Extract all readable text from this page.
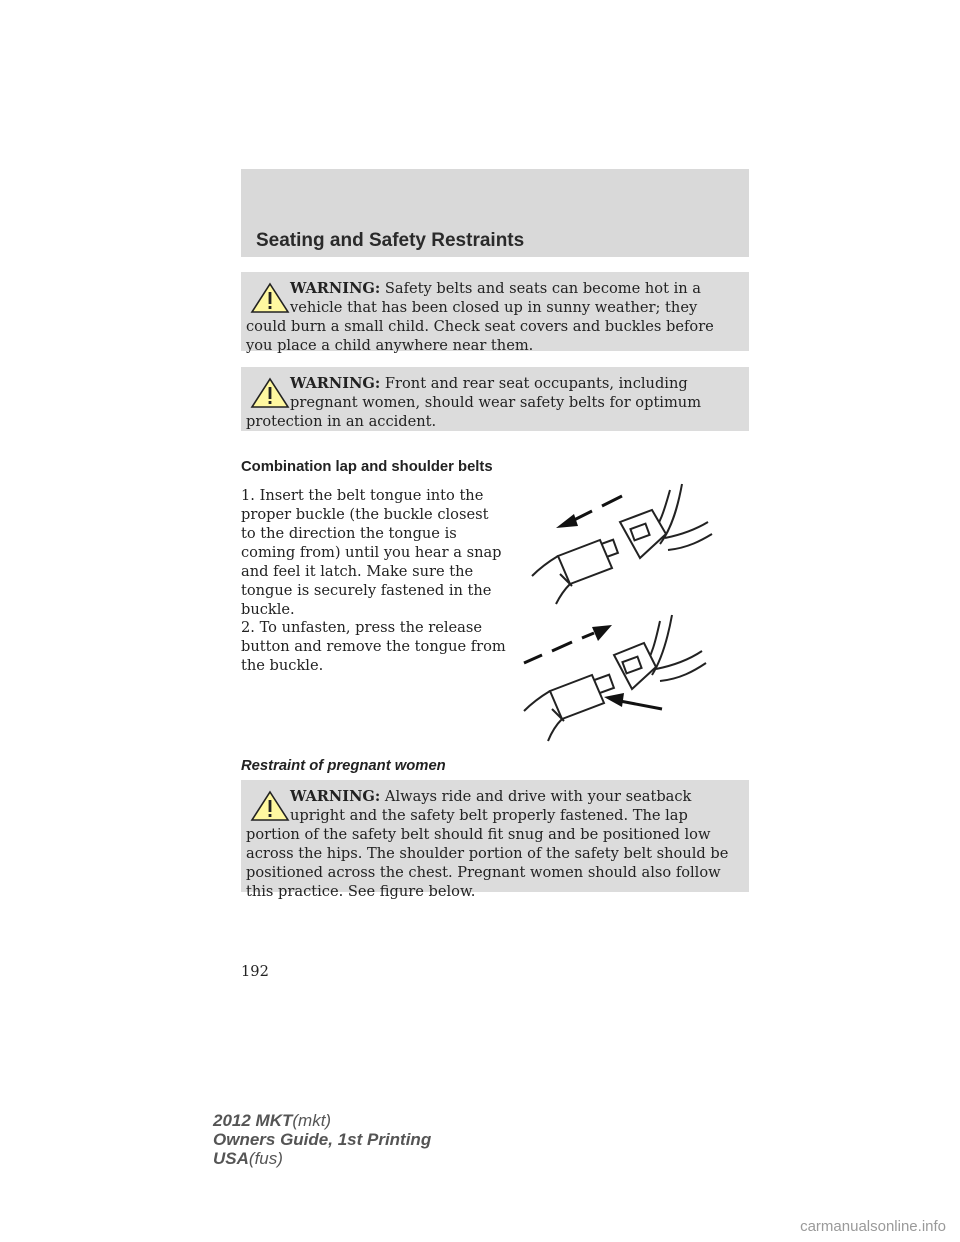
Seating and Safety Restraints
WARNING: Safety belts and seats can become hot in a vehicle that has been closed up in sunny weather; they could burn a small child. Check seat covers and buckles before you place a child anywhere near them.
WARNING: Front and rear seat occupants, including pregnant women, should wear safety belts for optimum protection in an accident.
Combination lap and shoulder belts
1. Insert the belt tongue into the proper buckle (the buckle closest to the direction the tongue is coming from) until you hear a snap and feel it latch. Make sure the tongue is securely fastened in the buckle.
2. To unfasten, press the release button and remove the tongue from the buckle.
Restraint of pregnant women
WARNING: Always ride and drive with your seatback upright and the safety belt properly fastened. The lap portion of the safety belt should fit snug and be positioned low across the hips. The shoulder portion of the safety belt should be positioned across the chest. Pregnant women should also follow this practice. See figure below.
192
2012 MKT(mkt)
Owners Guide, 1st Printing
USA(fus)
carmanualsonline.info
